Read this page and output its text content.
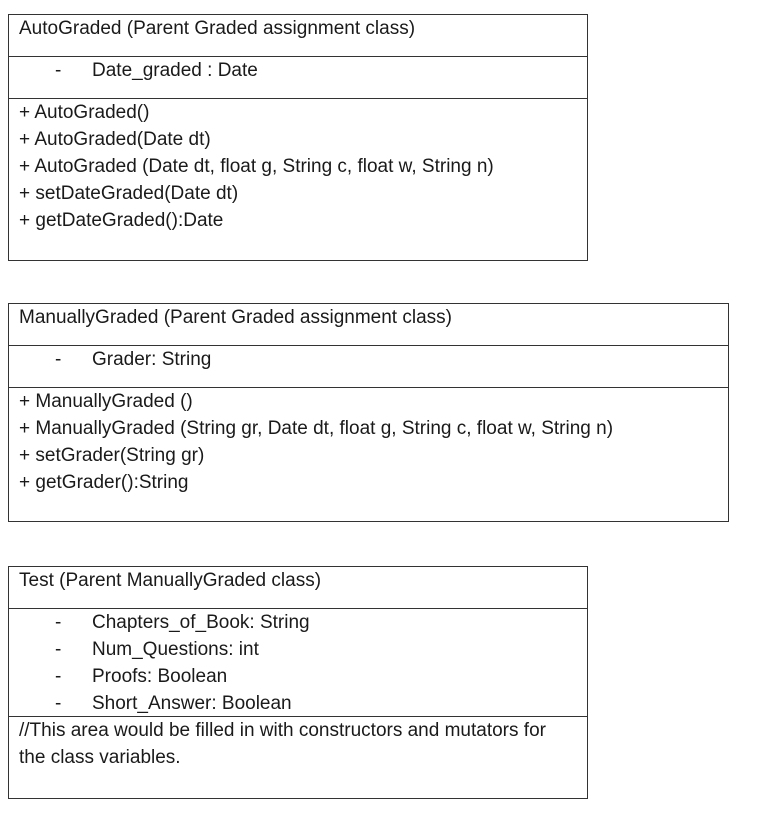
AutoGraded (Parent Graded assignment class)
- Date_graded : Date
+ AutoGraded()
+ AutoGraded(Date dt)
+ AutoGraded (Date dt, float g, String c, float w, String n)
+ setDateGraded(Date dt)
+ getDateGraded():Date
ManuallyGraded (Parent Graded assignment class)
- Grader: String
+ ManuallyGraded ()
+ ManuallyGraded (String gr, Date dt, float g, String c, float w, String n)
+ setGrader(String gr)
+ getGrader():String
Test (Parent ManuallyGraded class)
- Chapters_of_Book: String
- Num_Questions: int
- Proofs: Boolean
- Short_Answer: Boolean
//This area would be filled in with constructors and mutators for the class variables.
